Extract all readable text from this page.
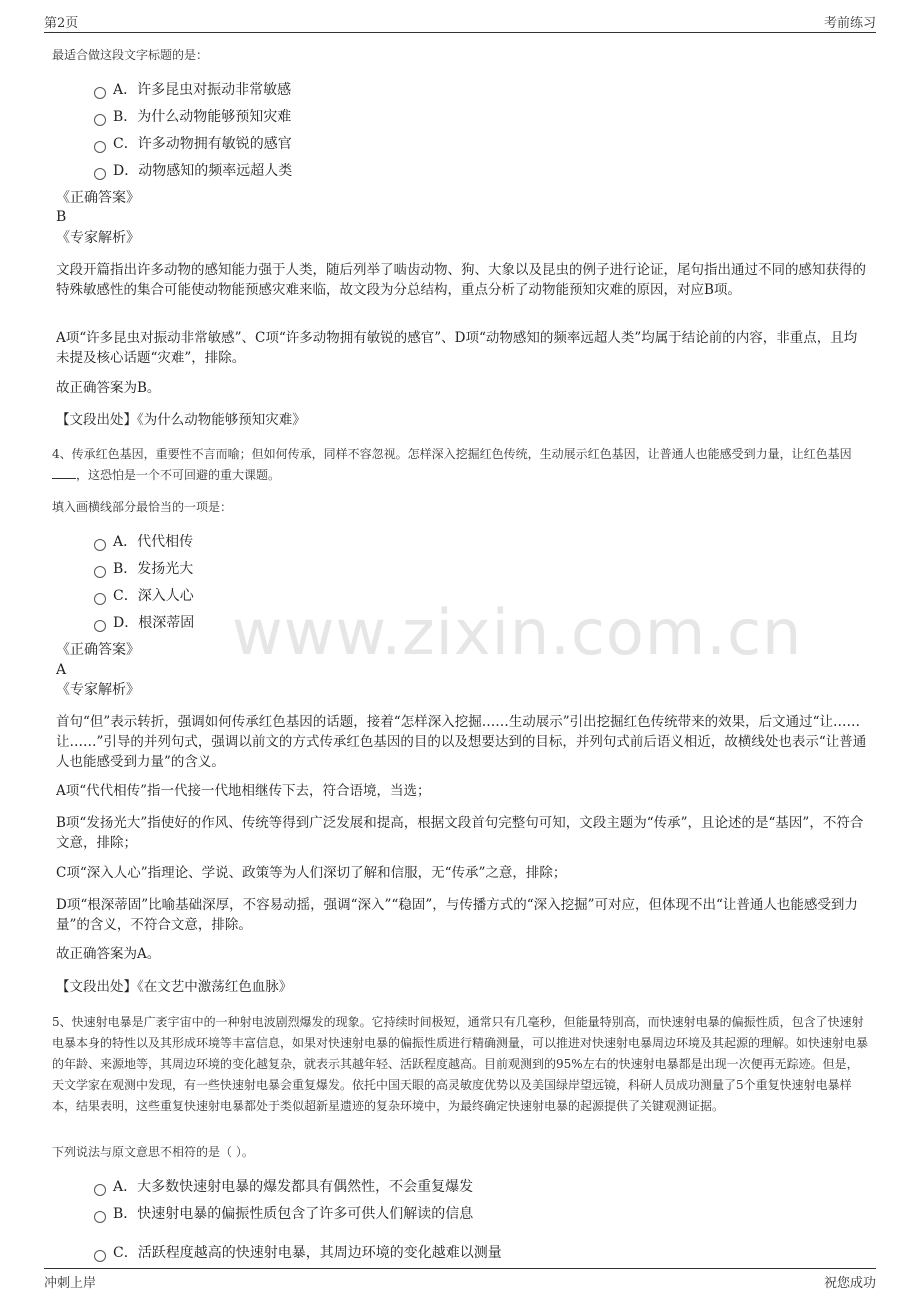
第2页	考前练习
www.zixin.com.cn
最适合做这段文字标题的是：
A．许多昆虫对振动非常敏感
B．为什么动物能够预知灾难
C．许多动物拥有敏锐的感官
D．动物感知的频率远超人类
《正确答案》
B
《专家解析》
文段开篇指出许多动物的感知能力强于人类，随后列举了啮齿动物、狗、大象以及昆虫的例子进行论证，尾句指出通过不同的感知获得的特殊敏感性的集合可能使动物能预感灾难来临，故文段为分总结构，重点分析了动物能预知灾难的原因，对应B项。
A项“许多昆虫对振动非常敏感”、C项“许多动物拥有敏锐的感官”、D项“动物感知的频率远超人类”均属于结论前的内容，非重点，且均未提及核心话题“灾难”，排除。
故正确答案为B。
【文段出处】《为什么动物能够预知灾难》
4、传承红色基因，重要性不言而喻；但如何传承，同样不容忽视。怎样深入挖掘红色传统，生动展示红色基因，让普通人也能感受到力量，让红色基因，这恐怕是一个不可回避的重大课题。
填入画横线部分最恰当的一项是：
A．代代相传
B．发扬光大
C．深入人心
D．根深蒂固
《正确答案》
A
《专家解析》
首句“但”表示转折，强调如何传承红色基因的话题，接着“怎样深入挖掘……生动展示”引出挖掘红色传统带来的效果，后文通过“让……让……”引导的并列句式，强调以前文的方式传承红色基因的目的以及想要达到的目标，并列句式前后语义相近，故横线处也表示“让普通人也能感受到力量”的含义。
A项“代代相传”指一代接一代地相继传下去，符合语境，当选；
B项“发扬光大”指使好的作风、传统等得到广泛发展和提高，根据文段首句完整句可知，文段主题为“传承”，且论述的是“基因”，不符合文意，排除；
C项“深入人心”指理论、学说、政策等为人们深切了解和信服，无“传承”之意，排除；
D项“根深蒂固”比喻基础深厚，不容易动摇，强调“深入”“稳固”，与传播方式的“深入挖掘”可对应，但体现不出“让普通人也能感受到力量”的含义，不符合文意，排除。
故正确答案为A。
【文段出处】《在文艺中激荡红色血脉》
5、快速射电暴是广袤宇宙中的一种射电波剧烈爆发的现象。它持续时间极短，通常只有几毫秒，但能量特别高，而快速射电暴的偏振性质，包含了快速射电暴本身的特性以及其形成环境等丰富信息，如果对快速射电暴的偏振性质进行精确测量，可以推进对快速射电暴周边环境及其起源的理解。如快速射电暴的年龄、来源地等，其周边环境的变化越复杂，就表示其越年轻、活跃程度越高。目前观测到的95%左右的快速射电暴都是出现一次便再无踪迹。但是，天文学家在观测中发现，有一些快速射电暴会重复爆发。依托中国天眼的高灵敏度优势以及美国绿岸望远镜，科研人员成功测量了5个重复快速射电暴样本，结果表明，这些重复快速射电暴都处于类似超新星遗迹的复杂环境中，为最终确定快速射电暴的起源提供了关键观测证据。
下列说法与原文意思不相符的是（ ）。
A．大多数快速射电暴的爆发都具有偶然性，不会重复爆发
B．快速射电暴的偏振性质包含了许多可供人们解读的信息
C．活跃程度越高的快速射电暴，其周边环境的变化越难以测量
冲刺上岸	祝您成功
